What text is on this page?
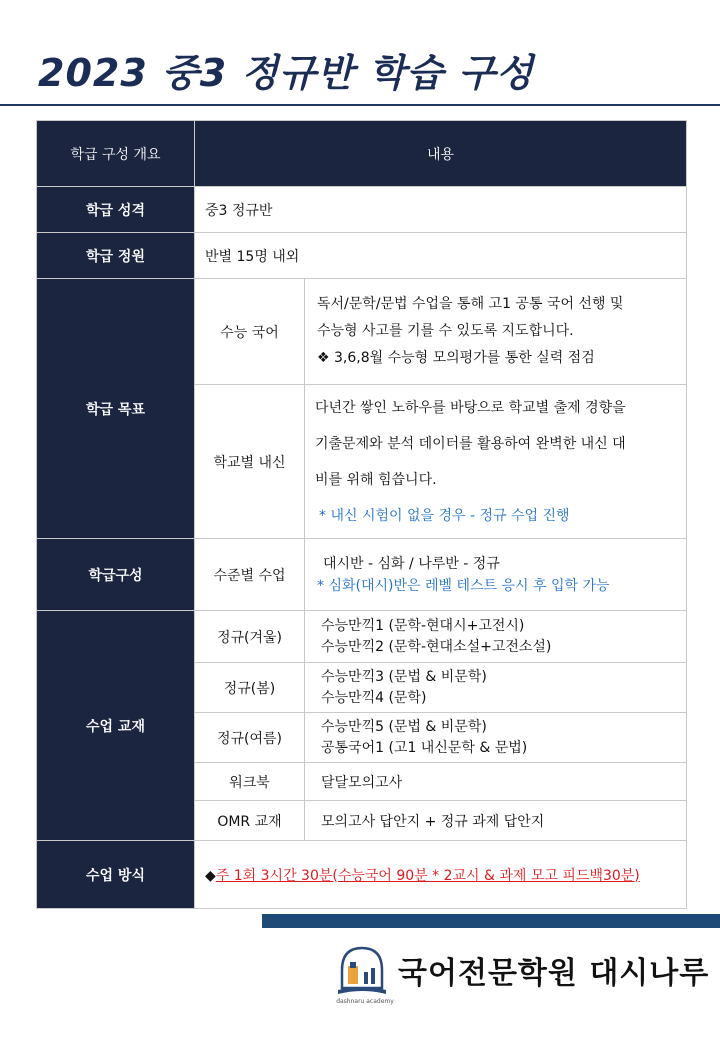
2023 중3 정규반 학습 구성
학급 구성 개요	내용	
학급 성격	중3 정규반	
학급 정원	반별 15명 내외	
학급 목표	수능 국어	독서/문학/문법 수업을 통해 고1 공통 국어 선행 및
수능형 사고를 기를 수 있도록 지도합니다.
❖ 3,6,8월 수능형 모의평가를 통한 실력 점검

	학교별 내신	다년간 쌓인 노하우를 바탕으로 학교별 출제 경향을
기출문제와 분석 데이터를 활용하여 완벽한 내신 대
비를 위해 힘씁니다.
* 내신 시험이 없을 경우 - 정규 수업 진행

학급구성	수준별 수업	대시반 - 심화 / 나루반 - 정규
* 심화(대시)반은 레벨 테스트 응시 후 입학 가능

수업 교재	정규(겨울)	수능만끽1 (문학-현대시+고전시)
수능만끽2 (문학-현대소설+고전소설)

	정규(봄)	수능만끽3 (문법 & 비문학)
수능만끽4 (문학)

	정규(여름)	수능만끽5 (문법 & 비문학)
공통국어1 (고1 내신문학 & 문법)

	워크북	달달모의고사
	OMR 교재	모의고사 답안지 + 정규 과제 답안지
수업 방식	◆주 1회 3시간 30분(수능국어 90분 * 2교시 & 과제 모고 피드백30분)	
dashnaru academy
국어전문학원 대시나루
